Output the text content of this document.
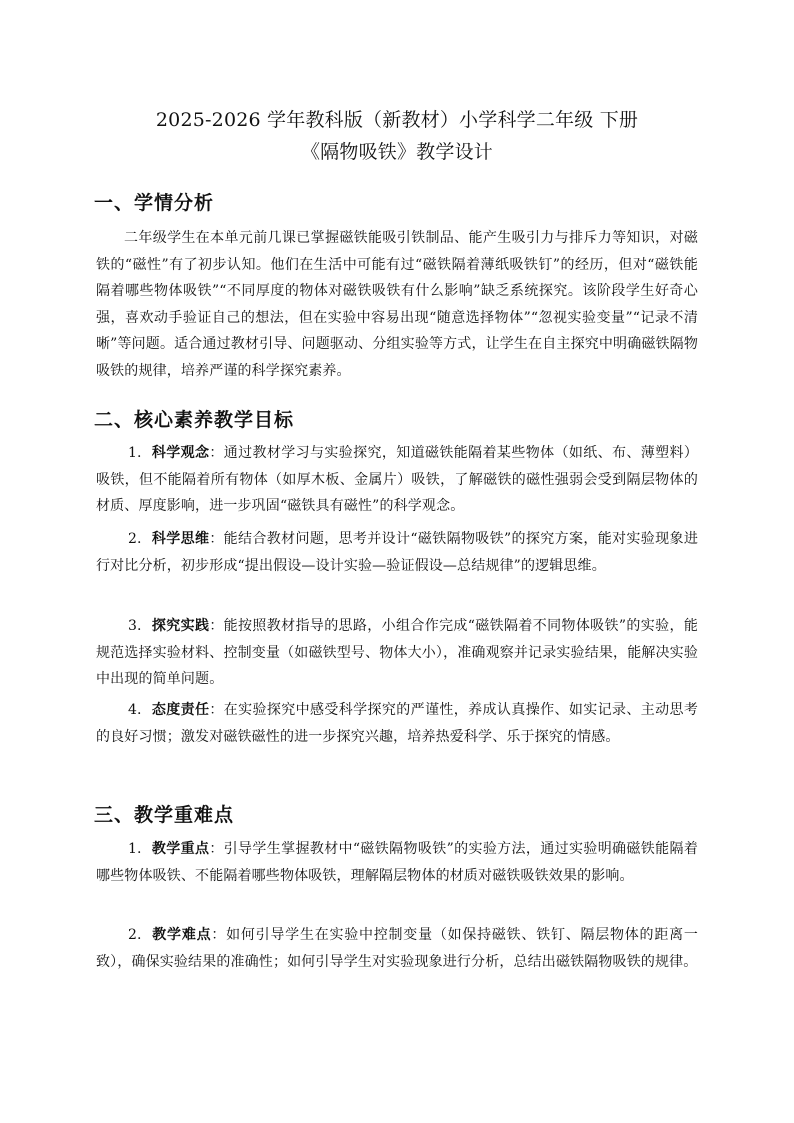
2025-2026 学年教科版（新教材）小学科学二年级 下册
《隔物吸铁》教学设计
一、学情分析
二年级学生在本单元前几课已掌握磁铁能吸引铁制品、能产生吸引力与排斥力等知识，对磁铁的“磁性”有了初步认知。他们在生活中可能有过“磁铁隔着薄纸吸铁钉”的经历，但对“磁铁能隔着哪些物体吸铁”“不同厚度的物体对磁铁吸铁有什么影响”缺乏系统探究。该阶段学生好奇心强，喜欢动手验证自己的想法，但在实验中容易出现“随意选择物体”“忽视实验变量”“记录不清晰”等问题。适合通过教材引导、问题驱动、分组实验等方式，让学生在自主探究中明确磁铁隔物吸铁的规律，培养严谨的科学探究素养。
二、核心素养教学目标
1. 科学观念：通过教材学习与实验探究，知道磁铁能隔着某些物体（如纸、布、薄塑料）吸铁，但不能隔着所有物体（如厚木板、金属片）吸铁，了解磁铁的磁性强弱会受到隔层物体的材质、厚度影响，进一步巩固“磁铁具有磁性”的科学观念。
2. 科学思维：能结合教材问题，思考并设计“磁铁隔物吸铁”的探究方案，能对实验现象进行对比分析，初步形成“提出假设—设计实验—验证假设—总结规律”的逻辑思维。
3. 探究实践：能按照教材指导的思路，小组合作完成“磁铁隔着不同物体吸铁”的实验，能规范选择实验材料、控制变量（如磁铁型号、物体大小），准确观察并记录实验结果，能解决实验中出现的简单问题。
4. 态度责任：在实验探究中感受科学探究的严谨性，养成认真操作、如实记录、主动思考的良好习惯；激发对磁铁磁性的进一步探究兴趣，培养热爱科学、乐于探究的情感。
三、教学重难点
1. 教学重点：引导学生掌握教材中“磁铁隔物吸铁”的实验方法，通过实验明确磁铁能隔着哪些物体吸铁、不能隔着哪些物体吸铁，理解隔层物体的材质对磁铁吸铁效果的影响。
2. 教学难点：如何引导学生在实验中控制变量（如保持磁铁、铁钉、隔层物体的距离一致），确保实验结果的准确性；如何引导学生对实验现象进行分析，总结出磁铁隔物吸铁的规律。
